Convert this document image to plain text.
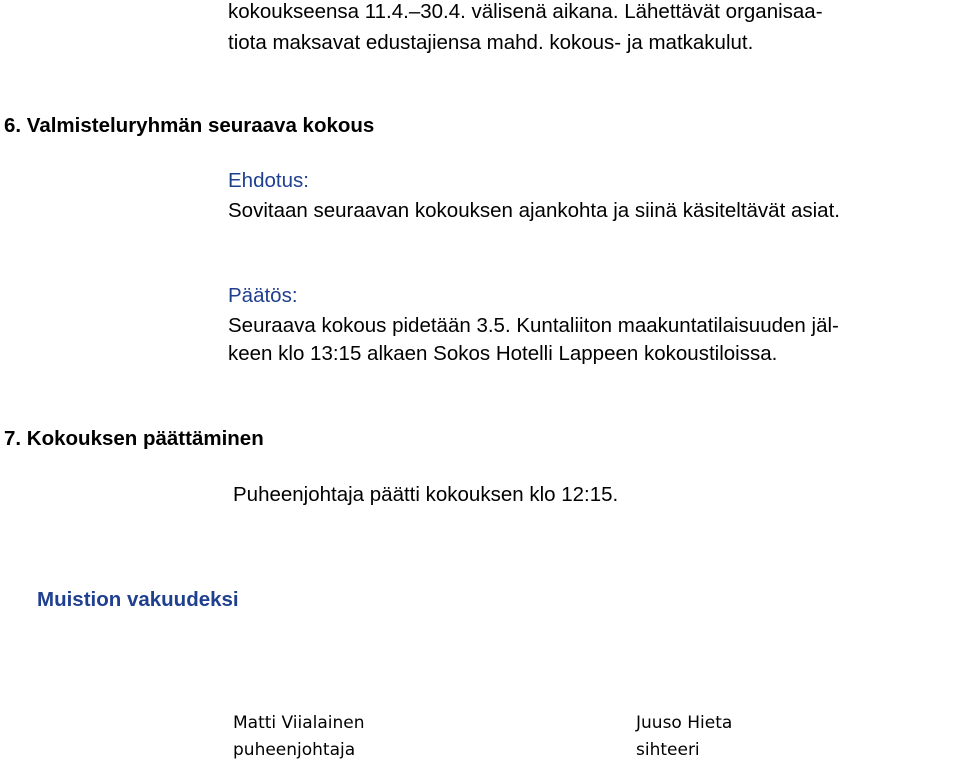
kokoukseensa 11.4.–30.4. välisenä aikana. Lähettävät organisaa-
tiota maksavat edustajiensa mahd. kokous- ja matkakulut.
6. Valmisteluryhmän seuraava kokous
Ehdotus:
Sovitaan seuraavan kokouksen ajankohta ja siinä käsiteltävät asiat.
Päätös:
Seuraava kokous pidetään 3.5. Kuntaliiton maakuntatilaisuuden jäl-
keen klo 13:15 alkaen Sokos Hotelli Lappeen kokoustiloissa.
7. Kokouksen päättäminen
Puheenjohtaja päätti kokouksen klo 12:15.
Muistion vakuudeksi
Matti Viialainen
puheenjohtaja
Juuso Hieta
sihteeri
